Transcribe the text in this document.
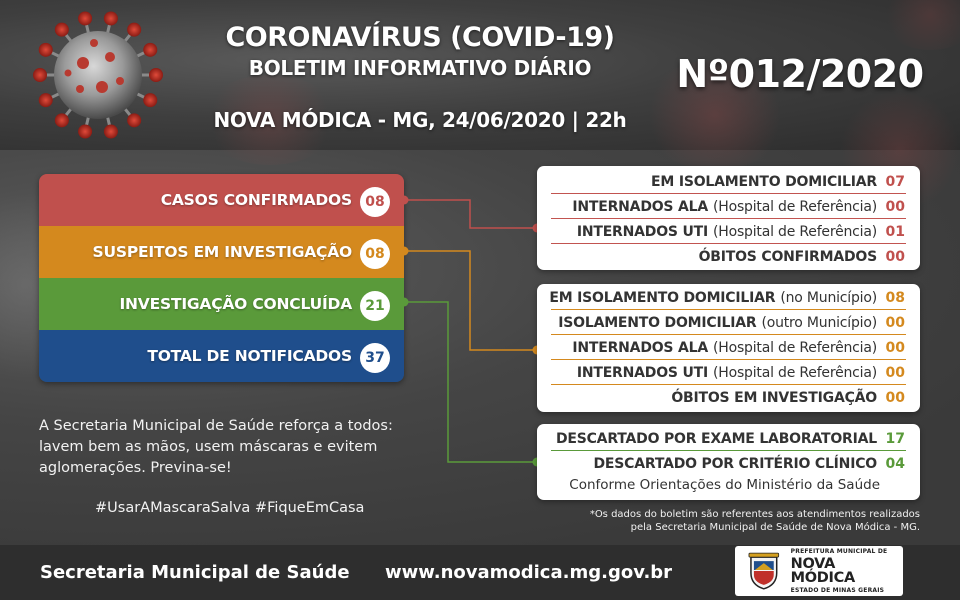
CORONAVÍRUS (COVID-19)
BOLETIM INFORMATIVO DIÁRIO
NOVA MÓDICA - MG, 24/06/2020 | 22h
Nº012/2020
CASOS CONFIRMADOS 08
SUSPEITOS EM INVESTIGAÇÃO 08
INVESTIGAÇÃO CONCLUÍDA 21
TOTAL DE NOTIFICADOS 37
EM ISOLAMENTO DOMICILIAR 07
INTERNADOS ALA (Hospital de Referência) 00
INTERNADOS UTI (Hospital de Referência) 01
ÓBITOS CONFIRMADOS 00
EM ISOLAMENTO DOMICILIAR (no Município) 08
ISOLAMENTO DOMICILIAR (outro Município) 00
INTERNADOS ALA (Hospital de Referência) 00
INTERNADOS UTI (Hospital de Referência) 00
ÓBITOS EM INVESTIGAÇÃO 00
DESCARTADO POR EXAME LABORATORIAL 17
DESCARTADO POR CRITÉRIO CLÍNICO 04
Conforme Orientações do Ministério da Saúde
A Secretaria Municipal de Saúde reforça a todos: lavem bem as mãos, usem máscaras e evitem aglomerações. Previna-se!
#UsarAMascaraSalva #FiqueEmCasa	*Os dados do boletim são referentes aos atendimentos realizados
pela Secretaria Municipal de Saúde de Nova Módica - MG.
Secretaria Municipal de Saúde www.novamodica.mg.gov.br
PREFEITURA MUNICIPAL DE
NOVA MÓDICA
ESTADO DE MINAS GERAIS
